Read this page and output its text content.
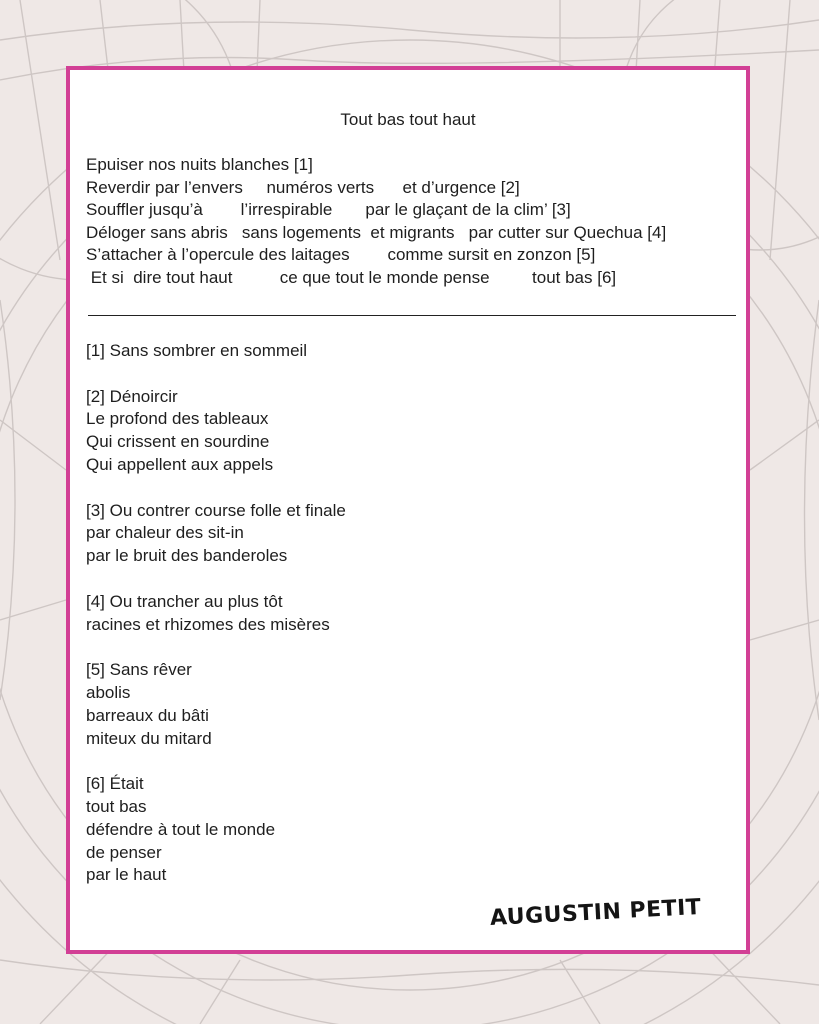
Tout bas tout haut
Epuiser nos nuits blanches [1]
Reverdir par l’envers     numéros verts      et d’urgence [2]
Souffler jusqu’à        l’irrespirable       par le glaçant de la clim’ [3]
Déloger sans abris   sans logements  et migrants   par cutter sur Quechua [4]
S’attacher à l’opercule des laitages        comme sursit en zonzon [5]
Et si  dire tout haut          ce que tout le monde pense         tout bas [6]
[1] Sans sombrer en sommeil
[2] Dénoircir
Le profond des tableaux
Qui crissent en sourdine
Qui appellent aux appels
[3] Ou contrer course folle et finale
par chaleur des sit-in
par le bruit des banderoles
[4] Ou trancher au plus tôt
racines et rhizomes des misères
[5] Sans rêver
abolis
barreaux du bâti
miteux du mitard
[6] Était
tout bas
défendre à tout le monde
de penser
par le haut
AUGUSTIN PETIT
